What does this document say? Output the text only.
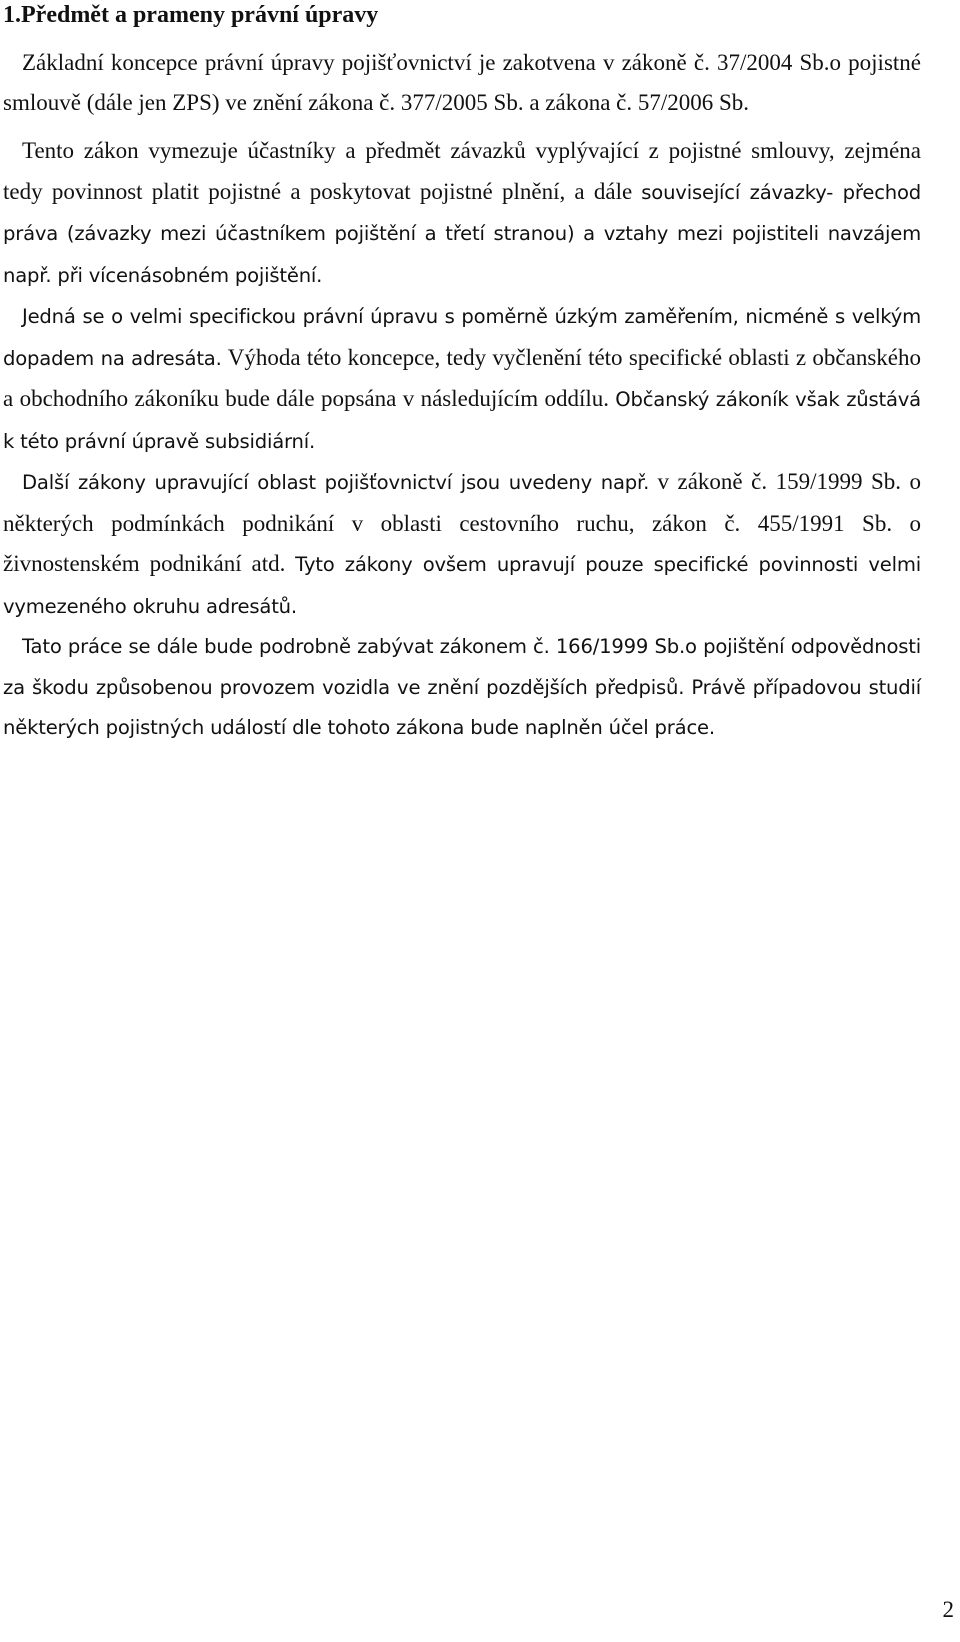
1.Předmět a prameny právní úpravy

Základní koncepce právní úpravy pojišťovnictví je zakotvena v zákoně č. 37/2004 Sb.o pojistné smlouvě (dále jen ZPS) ve znění zákona č. 377/2005 Sb. a zákona č. 57/2006 Sb.

Tento zákon vymezuje účastníky a předmět závazků vyplývající z pojistné smlouvy, zejména tedy povinnost platit pojistné a poskytovat pojistné plnění, a dále související závazky- přechod práva (závazky mezi účastníkem pojištění a třetí stranou) a vztahy mezi pojistiteli navzájem např. při vícenásobném pojištění.

Jedná se o velmi specifickou právní úpravu s poměrně úzkým zaměřením, nicméně s velkým dopadem na adresáta. Výhoda této koncepce, tedy vyčlenění této specifické oblasti z občanského a obchodního zákoníku bude dále popsána v následujícím oddílu. Občanský zákoník však zůstává k této právní úpravě subsidiární.

Další zákony upravující oblast pojišťovnictví jsou uvedeny např. v zákoně č. 159/1999 Sb. o některých podmínkách podnikání v oblasti cestovního ruchu, zákon č. 455/1991 Sb. o živnostenském podnikání atd. Tyto zákony ovšem upravují pouze specifické povinnosti velmi vymezeného okruhu adresátů.

Tato práce se dále bude podrobně zabývat zákonem č. 166/1999 Sb.o pojištění odpovědnosti za škodu způsobenou provozem vozidla ve znění pozdějších předpisů. Právě případovou studií některých pojistných událostí dle tohoto zákona bude naplněn účel práce.

2
